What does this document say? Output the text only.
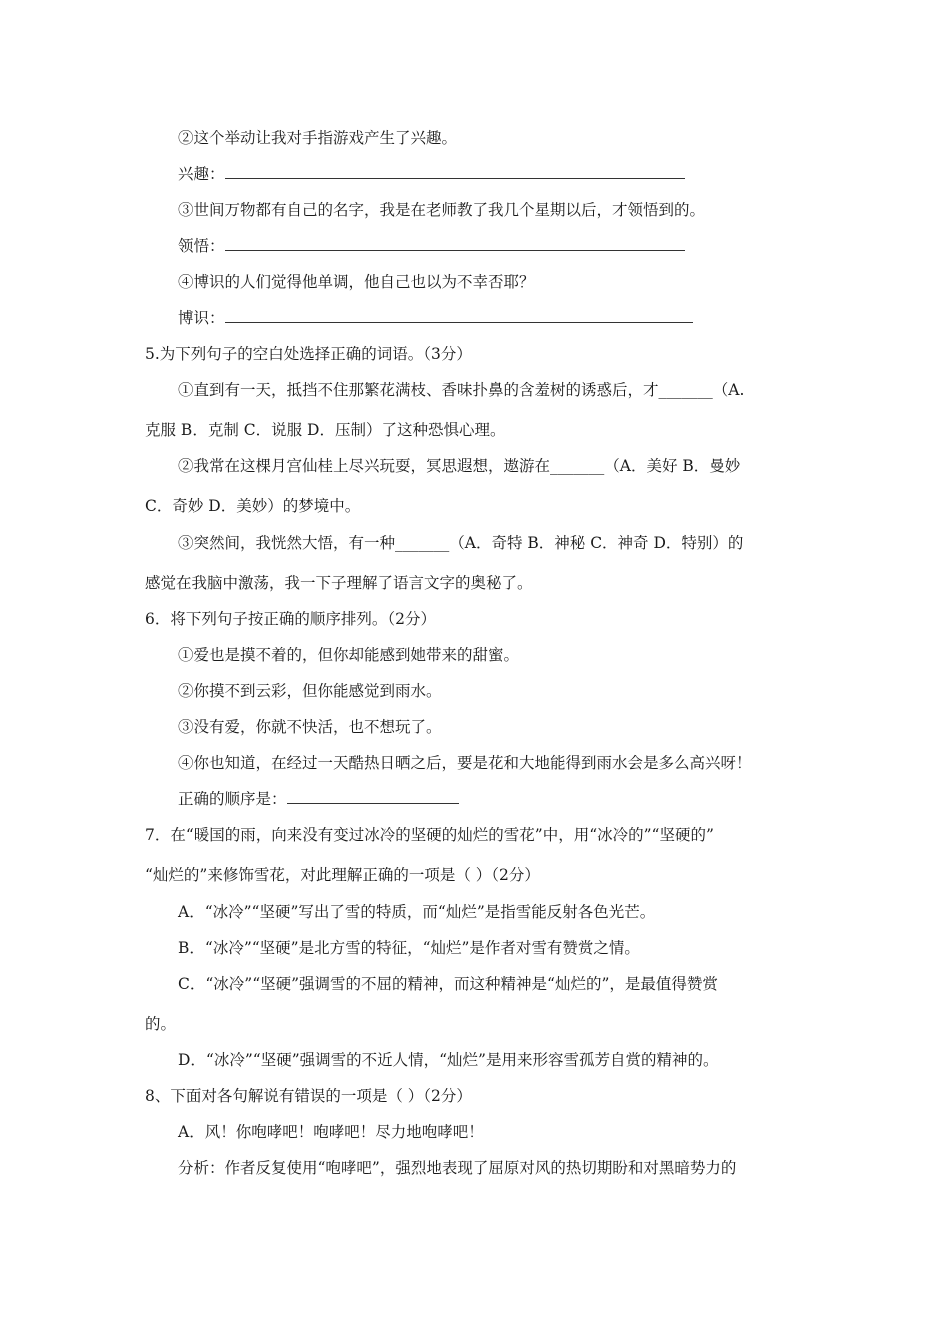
②这个举动让我对手指游戏产生了兴趣。
兴趣：
③世间万物都有自己的名字，我是在老师教了我几个星期以后，才领悟到的。
领悟：
④博识的人们觉得他单调，他自己也以为不幸否耶？
博识：
5.为下列句子的空白处选择正确的词语。（3分）
①直到有一天，抵挡不住那繁花满枝、香味扑鼻的含羞树的诱惑后，才_______（A.
克服 B．克制 C．说服 D．压制）了这种恐惧心理。
②我常在这棵月宫仙桂上尽兴玩耍，冥思遐想，遨游在_______（A．美好 B．曼妙
C．奇妙 D．美妙）的梦境中。
③突然间，我恍然大悟，有一种_______（A．奇特 B．神秘 C．神奇 D．特别）的
感觉在我脑中激荡，我一下子理解了语言文字的奥秘了。
6．将下列句子按正确的顺序排列。（2分）
①爱也是摸不着的，但你却能感到她带来的甜蜜。
②你摸不到云彩，但你能感觉到雨水。
③没有爱，你就不快活，也不想玩了。
④你也知道，在经过一天酷热日晒之后，要是花和大地能得到雨水会是多么高兴呀！
正确的顺序是：
7．在“暖国的雨，向来没有变过冰冷的坚硬的灿烂的雪花”中，用“冰冷的”“坚硬的”
“灿烂的”来修饰雪花，对此理解正确的一项是（ ）（2分）
A．“冰冷”“坚硬”写出了雪的特质，而“灿烂”是指雪能反射各色光芒。
B．“冰冷”“坚硬”是北方雪的特征，“灿烂”是作者对雪有赞赏之情。
C．“冰冷”“坚硬”强调雪的不屈的精神，而这种精神是“灿烂的”，是最值得赞赏
的。
D．“冰冷”“坚硬”强调雪的不近人情，“灿烂”是用来形容雪孤芳自赏的精神的。
8、下面对各句解说有错误的一项是（ ）（2分）
A．风！你咆哮吧！咆哮吧！尽力地咆哮吧！
分析：作者反复使用“咆哮吧”，强烈地表现了屈原对风的热切期盼和对黑暗势力的
